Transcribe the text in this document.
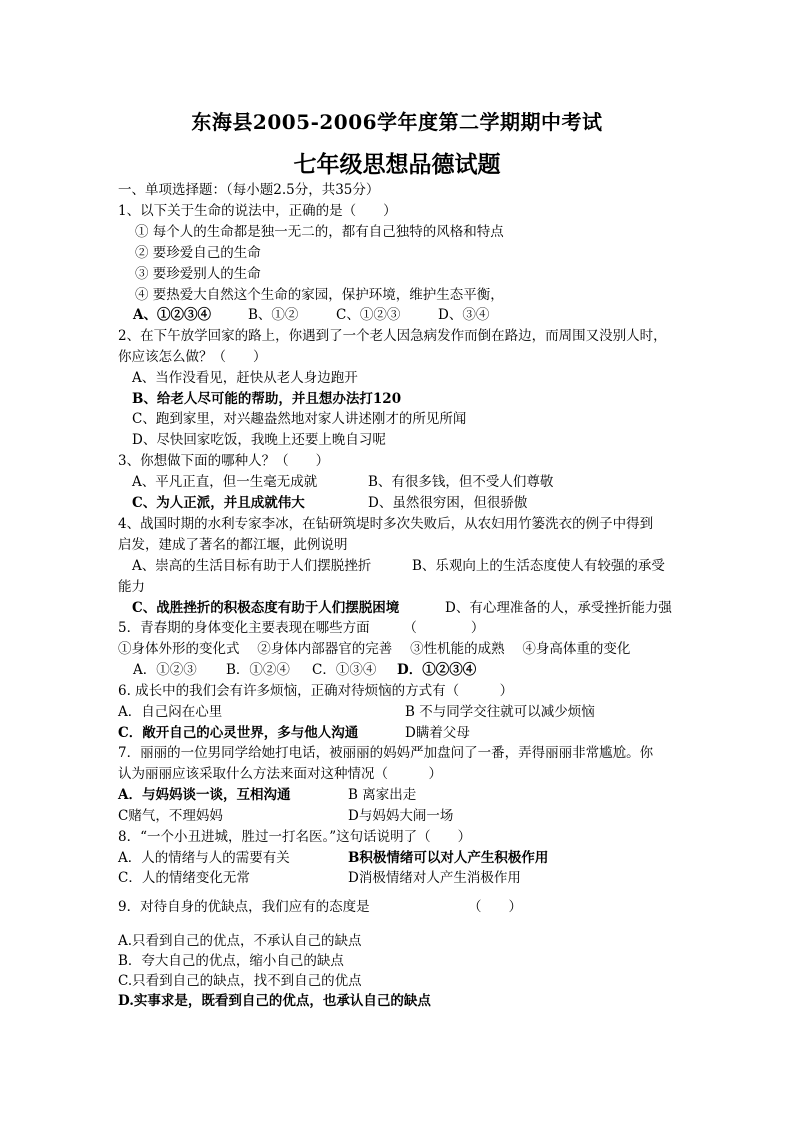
东海县2005-2006学年度第二学期期中考试
七年级思想品德试题
一、单项选择题：（每小题2.5分，共35分）
1、以下关于生命的说法中，正确的是（　　）
① 每个人的生命都是独一无二的，都有自己独特的风格和特点
② 要珍爱自己的生命
③ 要珍爱别人的生命
④ 要热爱大自然这个生命的家园，保护环境，维护生态平衡，
A、①②③④	B、①②	C、①②③	D、③④
2、在下午放学回家的路上，你遇到了一个老人因急病发作而倒在路边，而周围又没别人时，
你应该怎么做？（　　）
A、当作没看见，赶快从老人身边跑开
B、给老人尽可能的帮助，并且想办法打120
C、跑到家里，对兴趣盎然地对家人讲述刚才的所见所闻
D、尽快回家吃饭，我晚上还要上晚自习呢
3、你想做下面的哪种人？（　　）
A、平凡正直，但一生毫无成就	B、有很多钱，但不受人们尊敬
C、为人正派，并且成就伟大	D、虽然很穷困，但很骄傲
4、战国时期的水利专家李冰，在钻研筑堤时多次失败后，从农妇用竹篓洗衣的例子中得到
启发，建成了著名的都江堰，此例说明
A、崇高的生活目标有助于人们摆脱挫折	B、乐观向上的生活态度使人有较强的承受
能力
C、战胜挫折的积极态度有助于人们摆脱困境	D、有心理准备的人，承受挫折能力强
5．青春期的身体变化主要表现在哪些方面　　　（　　　　）
①身体外形的变化式　 ②身体内部器官的完善　 ③性机能的成熟　 ④身高体重的变化
A．①②③ B．①②④ C．①③④ D．①②③④
6. 成长中的我们会有许多烦恼，正确对待烦恼的方式有（　　　）
A．自己闷在心里	B 不与同学交往就可以减少烦恼
C．敞开自己的心灵世界，多与他人沟通	D瞒着父母
7．丽丽的一位男同学给她打电话，被丽丽的妈妈严加盘问了一番，弄得丽丽非常尴尬。你
认为丽丽应该采取什么方法来面对这种情况（　　　）
A．与妈妈谈一谈，互相沟通	B 离家出走
C赌气，不理妈妈	D与妈妈大闹一场
8．“一个小丑进城，胜过一打名医。”这句话说明了（　　）
A．人的情绪与人的需要有关	B积极情绪可以对人产生积极作用
C．人的情绪变化无常	D消极情绪对人产生消极作用
9．对待自身的优缺点，我们应有的态度是	（　　）
A.只看到自己的优点，不承认自己的缺点
B．夸大自己的优点，缩小自己的缺点
C.只看到自己的缺点，找不到自己的优点
D.实事求是，既看到自己的优点，也承认自己的缺点
